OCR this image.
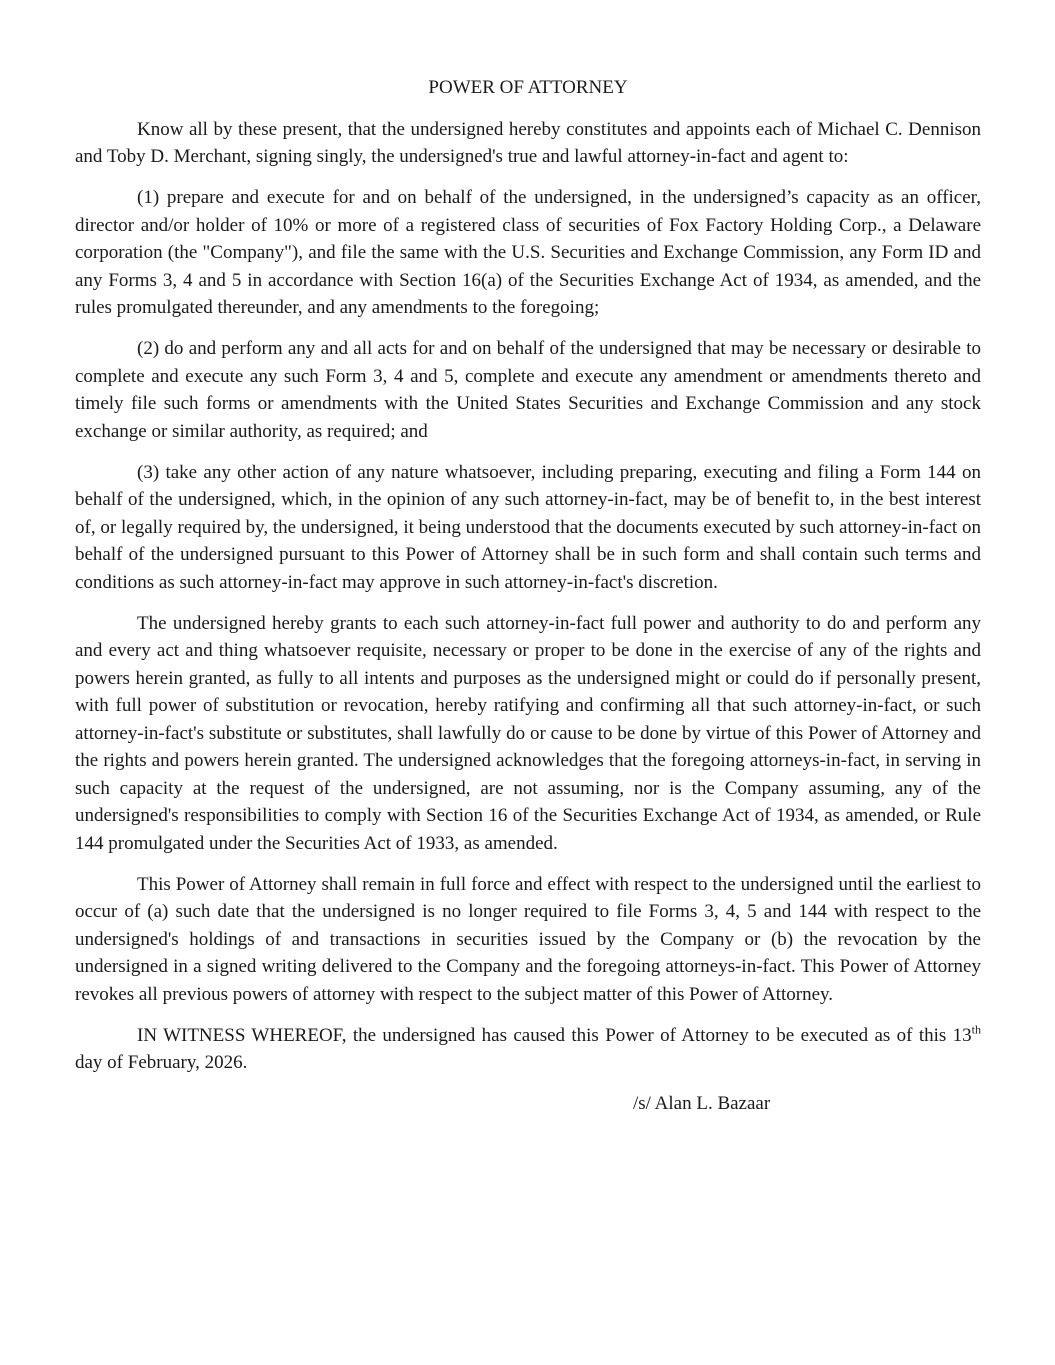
POWER OF ATTORNEY

Know all by these present, that the undersigned hereby constitutes and appoints each of Michael C. Dennison and Toby D. Merchant, signing singly, the undersigned's true and lawful attorney-in-fact and agent to:

(1) prepare and execute for and on behalf of the undersigned, in the undersigned’s capacity as an officer, director and/or holder of 10% or more of a registered class of securities of Fox Factory Holding Corp., a Delaware corporation (the "Company"), and file the same with the U.S. Securities and Exchange Commission, any Form ID and any Forms 3, 4 and 5 in accordance with Section 16(a) of the Securities Exchange Act of 1934, as amended, and the rules promulgated thereunder, and any amendments to the foregoing;

(2) do and perform any and all acts for and on behalf of the undersigned that may be necessary or desirable to complete and execute any such Form 3, 4 and 5, complete and execute any amendment or amendments thereto and timely file such forms or amendments with the United States Securities and Exchange Commission and any stock exchange or similar authority, as required; and

(3) take any other action of any nature whatsoever, including preparing, executing and filing a Form 144 on behalf of the undersigned, which, in the opinion of any such attorney-in-fact, may be of benefit to, in the best interest of, or legally required by, the undersigned, it being understood that the documents executed by such attorney-in-fact on behalf of the undersigned pursuant to this Power of Attorney shall be in such form and shall contain such terms and conditions as such attorney-in-fact may approve in such attorney-in-fact's discretion.

The undersigned hereby grants to each such attorney-in-fact full power and authority to do and perform any and every act and thing whatsoever requisite, necessary or proper to be done in the exercise of any of the rights and powers herein granted, as fully to all intents and purposes as the undersigned might or could do if personally present, with full power of substitution or revocation, hereby ratifying and confirming all that such attorney-in-fact, or such attorney-in-fact's substitute or substitutes, shall lawfully do or cause to be done by virtue of this Power of Attorney and the rights and powers herein granted. The undersigned acknowledges that the foregoing attorneys-in-fact, in serving in such capacity at the request of the undersigned, are not assuming, nor is the Company assuming, any of the undersigned's responsibilities to comply with Section 16 of the Securities Exchange Act of 1934, as amended, or Rule 144 promulgated under the Securities Act of 1933, as amended.

This Power of Attorney shall remain in full force and effect with respect to the undersigned until the earliest to occur of (a) such date that the undersigned is no longer required to file Forms 3, 4, 5 and 144 with respect to the undersigned's holdings of and transactions in securities issued by the Company or (b) the revocation by the undersigned in a signed writing delivered to the Company and the foregoing attorneys-in-fact. This Power of Attorney revokes all previous powers of attorney with respect to the subject matter of this Power of Attorney.

IN WITNESS WHEREOF, the undersigned has caused this Power of Attorney to be executed as of this 13th day of February, 2026.

/s/ Alan L. Bazaar
